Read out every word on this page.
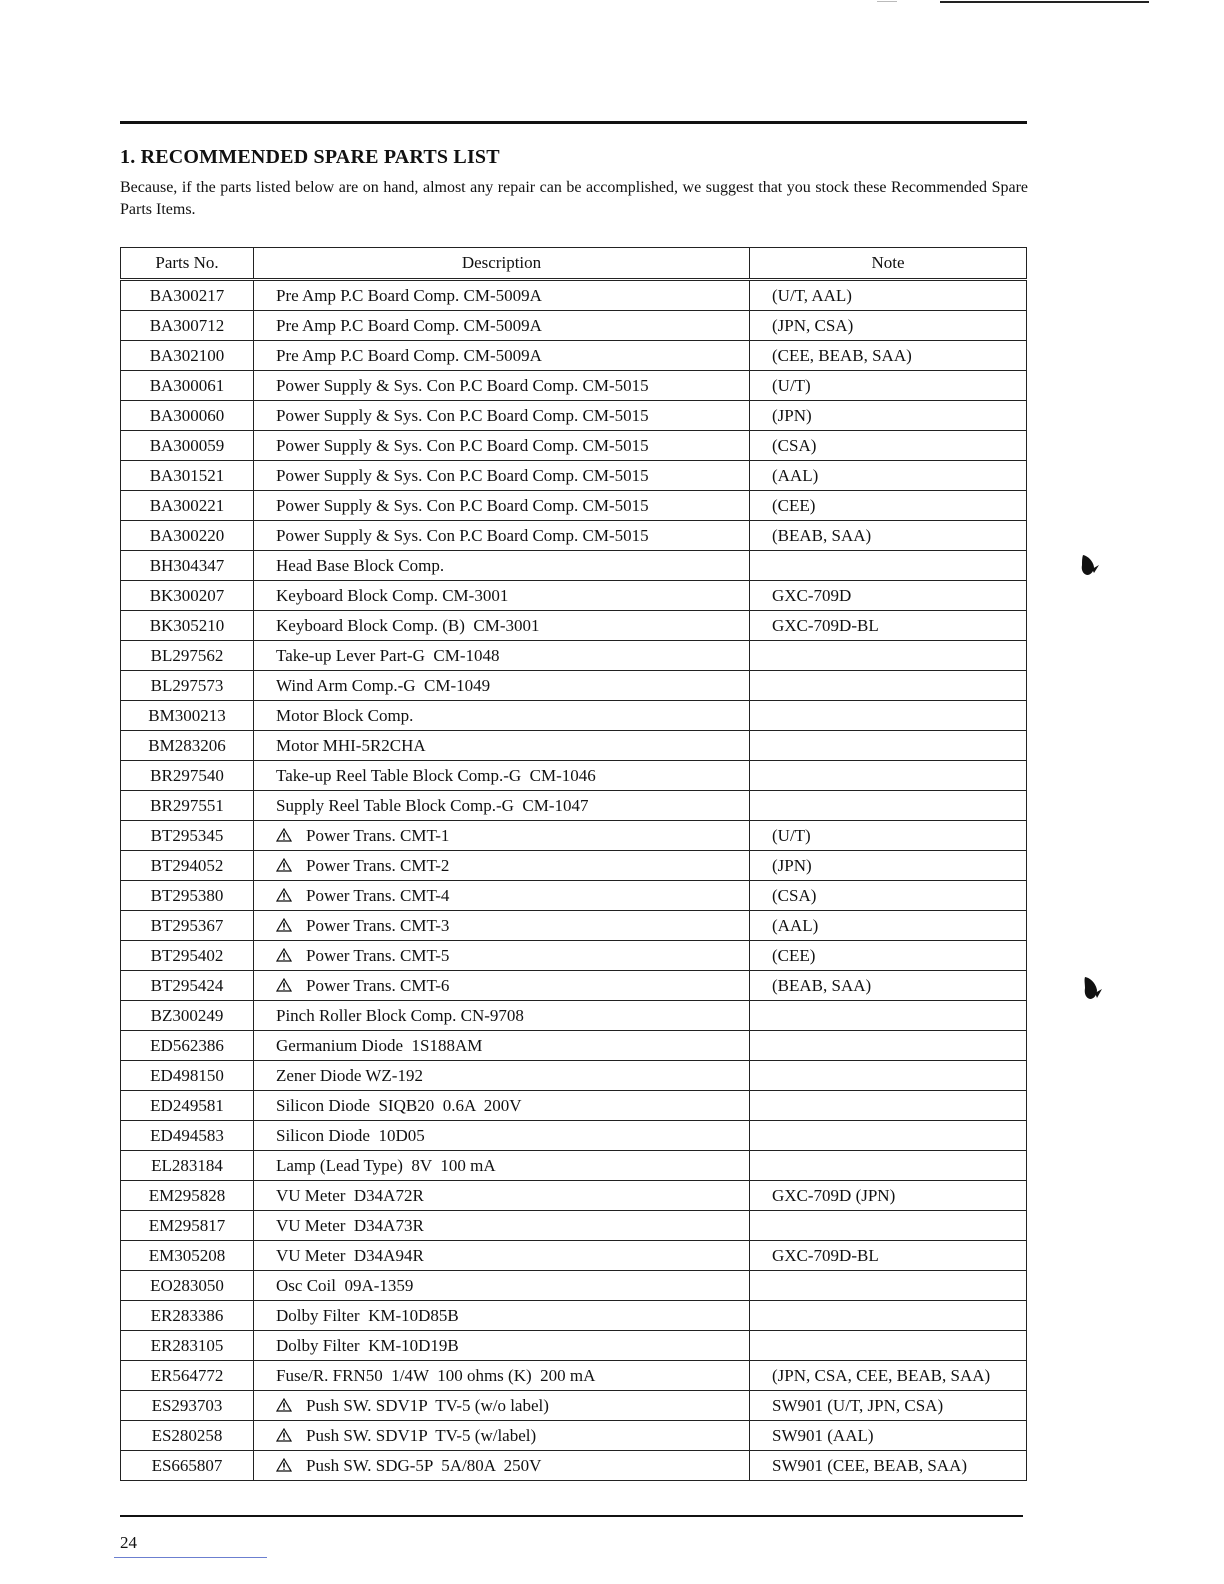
1. RECOMMENDED SPARE PARTS LIST

Because, if the parts listed below are on hand, almost any repair can be accomplished, we suggest that you stock these Recommended Spare Parts Items.

Parts No.	Description	Note
BA300217	Pre Amp P.C Board Comp. CM-5009A	(U/T, AAL)
BA300712	Pre Amp P.C Board Comp. CM-5009A	(JPN, CSA)
BA302100	Pre Amp P.C Board Comp. CM-5009A	(CEE, BEAB, SAA)
BA300061	Power Supply & Sys. Con P.C Board Comp. CM-5015	(U/T)
BA300060	Power Supply & Sys. Con P.C Board Comp. CM-5015	(JPN)
BA300059	Power Supply & Sys. Con P.C Board Comp. CM-5015	(CSA)
BA301521	Power Supply & Sys. Con P.C Board Comp. CM-5015	(AAL)
BA300221	Power Supply & Sys. Con P.C Board Comp. CM-5015	(CEE)
BA300220	Power Supply & Sys. Con P.C Board Comp. CM-5015	(BEAB, SAA)
BH304347	Head Base Block Comp.	
BK300207	Keyboard Block Comp. CM-3001	GXC-709D
BK305210	Keyboard Block Comp. (B)  CM-3001	GXC-709D-BL
BL297562	Take-up Lever Part-G  CM-1048	
BL297573	Wind Arm Comp.-G  CM-1049	
BM300213	Motor Block Comp.	
BM283206	Motor MHI-5R2CHA	
BR297540	Take-up Reel Table Block Comp.-G  CM-1046	
BR297551	Supply Reel Table Block Comp.-G  CM-1047	
BT295345	Power Trans. CMT-1	(U/T)
BT294052	Power Trans. CMT-2	(JPN)
BT295380	Power Trans. CMT-4	(CSA)
BT295367	Power Trans. CMT-3	(AAL)
BT295402	Power Trans. CMT-5	(CEE)
BT295424	Power Trans. CMT-6	(BEAB, SAA)
BZ300249	Pinch Roller Block Comp. CN-9708	
ED562386	Germanium Diode  1S188AM	
ED498150	Zener Diode WZ-192	
ED249581	Silicon Diode  SIQB20  0.6A  200V	
ED494583	Silicon Diode  10D05	
EL283184	Lamp (Lead Type)  8V  100 mA	
EM295828	VU Meter  D34A72R	GXC-709D (JPN)
EM295817	VU Meter  D34A73R	
EM305208	VU Meter  D34A94R	GXC-709D-BL
EO283050	Osc Coil  09A-1359	
ER283386	Dolby Filter  KM-10D85B	
ER283105	Dolby Filter  KM-10D19B	
ER564772	Fuse/R. FRN50  1/4W  100 ohms (K)  200 mA	(JPN, CSA, CEE, BEAB, SAA)
ES293703	Push SW. SDV1P  TV-5 (w/o label)	SW901 (U/T, JPN, CSA)
ES280258	Push SW. SDV1P  TV-5 (w/label)	SW901 (AAL)
ES665807	Push SW. SDG-5P  5A/80A  250V	SW901 (CEE, BEAB, SAA)
24
